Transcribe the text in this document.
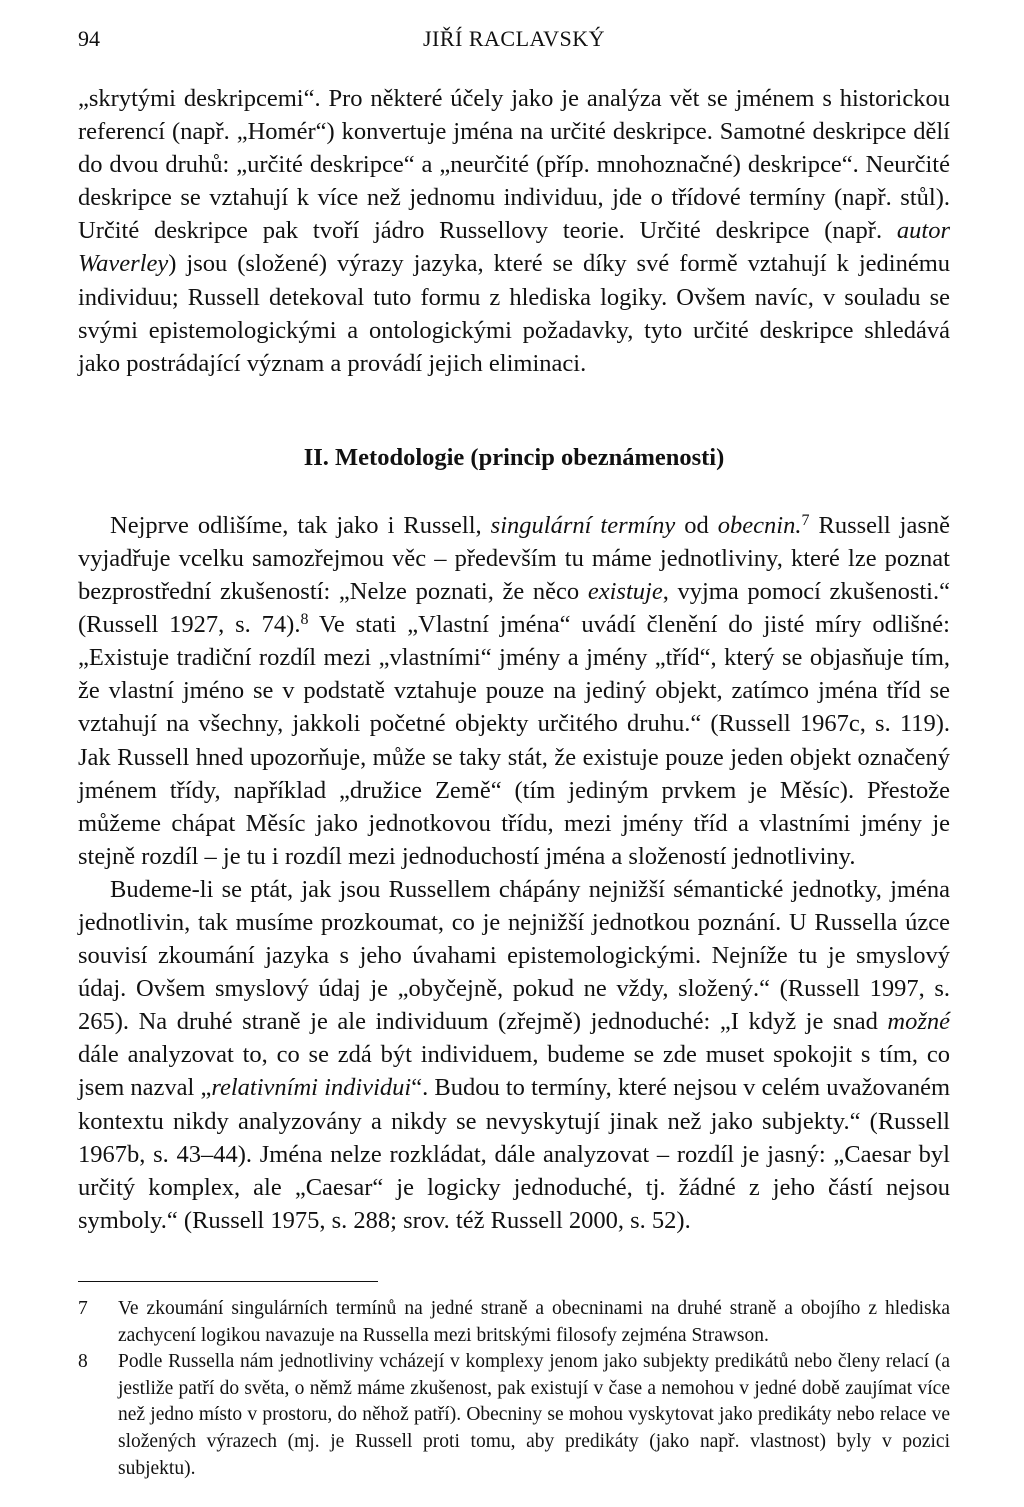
94	JIŘÍ RACLAVSKÝ

„skrytými deskripcemi“. Pro některé účely jako je analýza vět se jménem s historickou referencí (např. „Homér“) konvertuje jména na určité deskripce. Samotné deskripce dělí do dvou druhů: „určité deskripce“ a „neurčité (příp. mnohoznačné) deskripce“. Neurčité deskripce se vztahují k více než jednomu individuu, jde o třídové termíny (např. stůl). Určité deskripce pak tvoří jádro Russellovy teorie. Určité deskripce (např. autor Waverley) jsou (složené) výrazy jazyka, které se díky své formě vztahují k jedinému individuu; Russell detekoval tuto formu z hlediska logiky. Ovšem navíc, v souladu se svými epistemologickými a ontologickými požadavky, tyto určité deskripce shledává jako postrádající význam a provádí jejich eliminaci.

II. Metodologie (princip obeznámenosti)

Nejprve odlišíme, tak jako i Russell, singulární termíny od obecnin.$^7$ Russell jasně vyjadřuje vcelku samozřejmou věc – především tu máme jednotliviny, které lze poznat bezprostřední zkušeností: „Nelze poznati, že něco existuje, vyjma pomocí zkušenosti.“ (Russell 1927, s. 74).$^8$ Ve stati „Vlastní jména“ uvádí členění do jisté míry odlišné: „Existuje tradiční rozdíl mezi „vlastními“ jmény a jmény „tříd“, který se objasňuje tím, že vlastní jméno se v podstatě vztahuje pouze na jediný objekt, zatímco jména tříd se vztahují na všechny, jakkoli početné objekty určitého druhu.“ (Russell 1967c, s. 119). Jak Russell hned upozorňuje, může se taky stát, že existuje pouze jeden objekt označený jménem třídy, například „družice Země“ (tím jediným prvkem je Měsíc). Přestože můžeme chápat Měsíc jako jednotkovou třídu, mezi jmény tříd a vlastními jmény je stejně rozdíl – je tu i rozdíl mezi jednoduchostí jména a složeností jednotliviny.

Budeme-li se ptát, jak jsou Russellem chápány nejnižší sémantické jednotky, jména jednotlivin, tak musíme prozkoumat, co je nejnižší jednotkou poznání. U Russella úzce souvisí zkoumání jazyka s jeho úvahami epistemologickými. Nejníže tu je smyslový údaj. Ovšem smyslový údaj je „obyčejně, pokud ne vždy, složený.“ (Russell 1997, s. 265). Na druhé straně je ale individuum (zřejmě) jednoduché: „I když je snad možné dále analyzovat to, co se zdá být individuem, budeme se zde muset spokojit s tím, co jsem nazval „relativními individui“. Budou to termíny, které nejsou v celém uvažovaném kontextu nikdy analyzovány a nikdy se nevyskytují jinak než jako subjekty.“ (Russell 1967b, s. 43–44). Jména nelze rozkládat, dále analyzovat – rozdíl je jasný: „Caesar byl určitý komplex, ale „Caesar“ je logicky jednoduché, tj. žádné z jeho částí nejsou symboly.“ (Russell 1975, s. 288; srov. též Russell 2000, s. 52).

7	Ve zkoumání singulárních termínů na jedné straně a obecninami na druhé straně a obojího z hlediska zachycení logikou navazuje na Russella mezi britskými filosofy zejména Strawson.
8	Podle Russella nám jednotliviny vcházejí v komplexy jenom jako subjekty predikátů nebo členy relací (a jestliže patří do světa, o němž máme zkušenost, pak existují v čase a nemohou v jedné době zaujímat více než jedno místo v prostoru, do něhož patří). Obecniny se mohou vyskytovat jako predikáty nebo relace ve složených výrazech (mj. je Russell proti tomu, aby predikáty (jako např. vlastnost) byly v pozici subjektu).
